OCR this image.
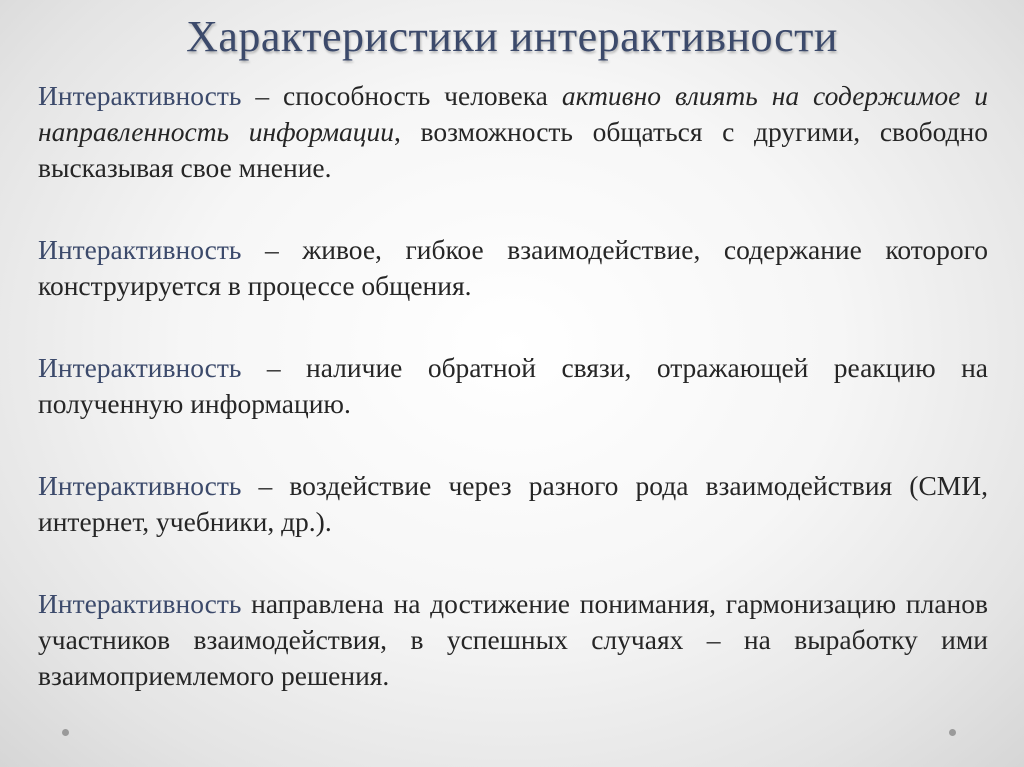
Характеристики интерактивности

Интерактивность – способность человека активно влиять на содержимое и направленность информации, возможность общаться с другими, свободно высказывая свое мнение.

Интерактивность – живое, гибкое взаимодействие, содержание которого конструируется в процессе общения.

Интерактивность – наличие обратной связи, отражающей реакцию на полученную информацию.

Интерактивность – воздействие через разного рода взаимодействия (СМИ, интернет, учебники, др.).

Интерактивность направлена на достижение понимания, гармонизацию планов участников взаимодействия, в успешных случаях – на выработку ими взаимоприемлемого решения.
